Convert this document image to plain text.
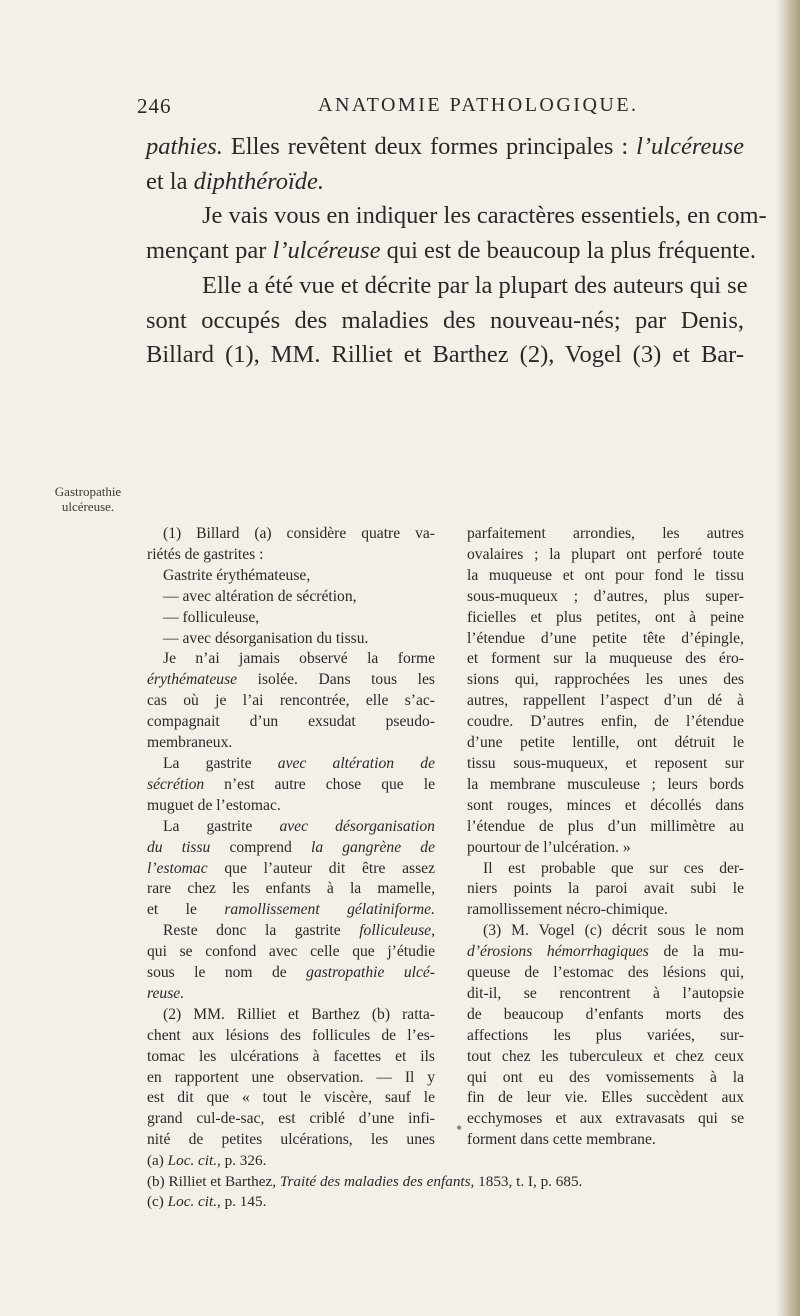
246	ANATOMIE PATHOLOGIQUE.
pathies. Elles revêtent deux formes principales : l’ulcéreuse
et la diphthéroïde.
Je vais vous en indiquer les caractères essentiels, en com-
mençant par l’ulcéreuse qui est de beaucoup la plus fréquente.
Elle a été vue et décrite par la plupart des auteurs qui se
sont occupés des maladies des nouveau-nés; par Denis,
Billard (1), MM. Rilliet et Barthez (2), Vogel (3) et Bar-
Gastropathie
ulcéreuse.
(1) Billard (a) considère quatre va-
riétés de gastrites :
Gastrite érythémateuse,
— avec altération de sécrétion,
— folliculeuse,
— avec désorganisation du tissu.
Je n’ai jamais observé la forme
érythémateuse isolée. Dans tous les
cas où je l’ai rencontrée, elle s’ac-
compagnait d’un exsudat pseudo-
membraneux.
La gastrite avec altération de
sécrétion n’est autre chose que le
muguet de l’estomac.
La gastrite avec désorganisation
du tissu comprend la gangrène de
l’estomac que l’auteur dit être assez
rare chez les enfants à la mamelle,
et le ramollissement gélatiniforme.
Reste donc la gastrite folliculeuse,
qui se confond avec celle que j’étudie
sous le nom de gastropathie ulcé-
reuse.
(2) MM. Rilliet et Barthez (b) ratta-
chent aux lésions des follicules de l’es-
tomac les ulcérations à facettes et ils
en rapportent une observation. — Il y
est dit que « tout le viscère, sauf le
grand cul-de-sac, est criblé d’une infi-
nité de petites ulcérations, les unes
parfaitement arrondies, les autres
ovalaires ; la plupart ont perforé toute
la muqueuse et ont pour fond le tissu
sous-muqueux ; d’autres, plus super-
ficielles et plus petites, ont à peine
l’étendue d’une petite tête d’épingle,
et forment sur la muqueuse des éro-
sions qui, rapprochées les unes des
autres, rappellent l’aspect d’un dé à
coudre. D’autres enfin, de l’étendue
d’une petite lentille, ont détruit le
tissu sous-muqueux, et reposent sur
la membrane musculeuse ; leurs bords
sont rouges, minces et décollés dans
l’étendue de plus d’un millimètre au
pourtour de l’ulcération. »
Il est probable que sur ces der-
niers points la paroi avait subi le
ramollissement nécro-chimique.
(3) M. Vogel (c) décrit sous le nom
d’érosions hémorrhagiques de la mu-
queuse de l’estomac des lésions qui,
dit-il, se rencontrent à l’autopsie
de beaucoup d’enfants morts des
affections les plus variées, sur-
tout chez les tuberculeux et chez ceux
qui ont eu des vomissements à la
fin de leur vie. Elles succèdent aux
ecchymoses et aux extravasats qui se
forment dans cette membrane.
(a) Loc. cit., p. 326.
(b) Rilliet et Barthez, Traité des maladies des enfants, 1853, t. I, p. 685.
(c) Loc. cit., p. 145.
•
